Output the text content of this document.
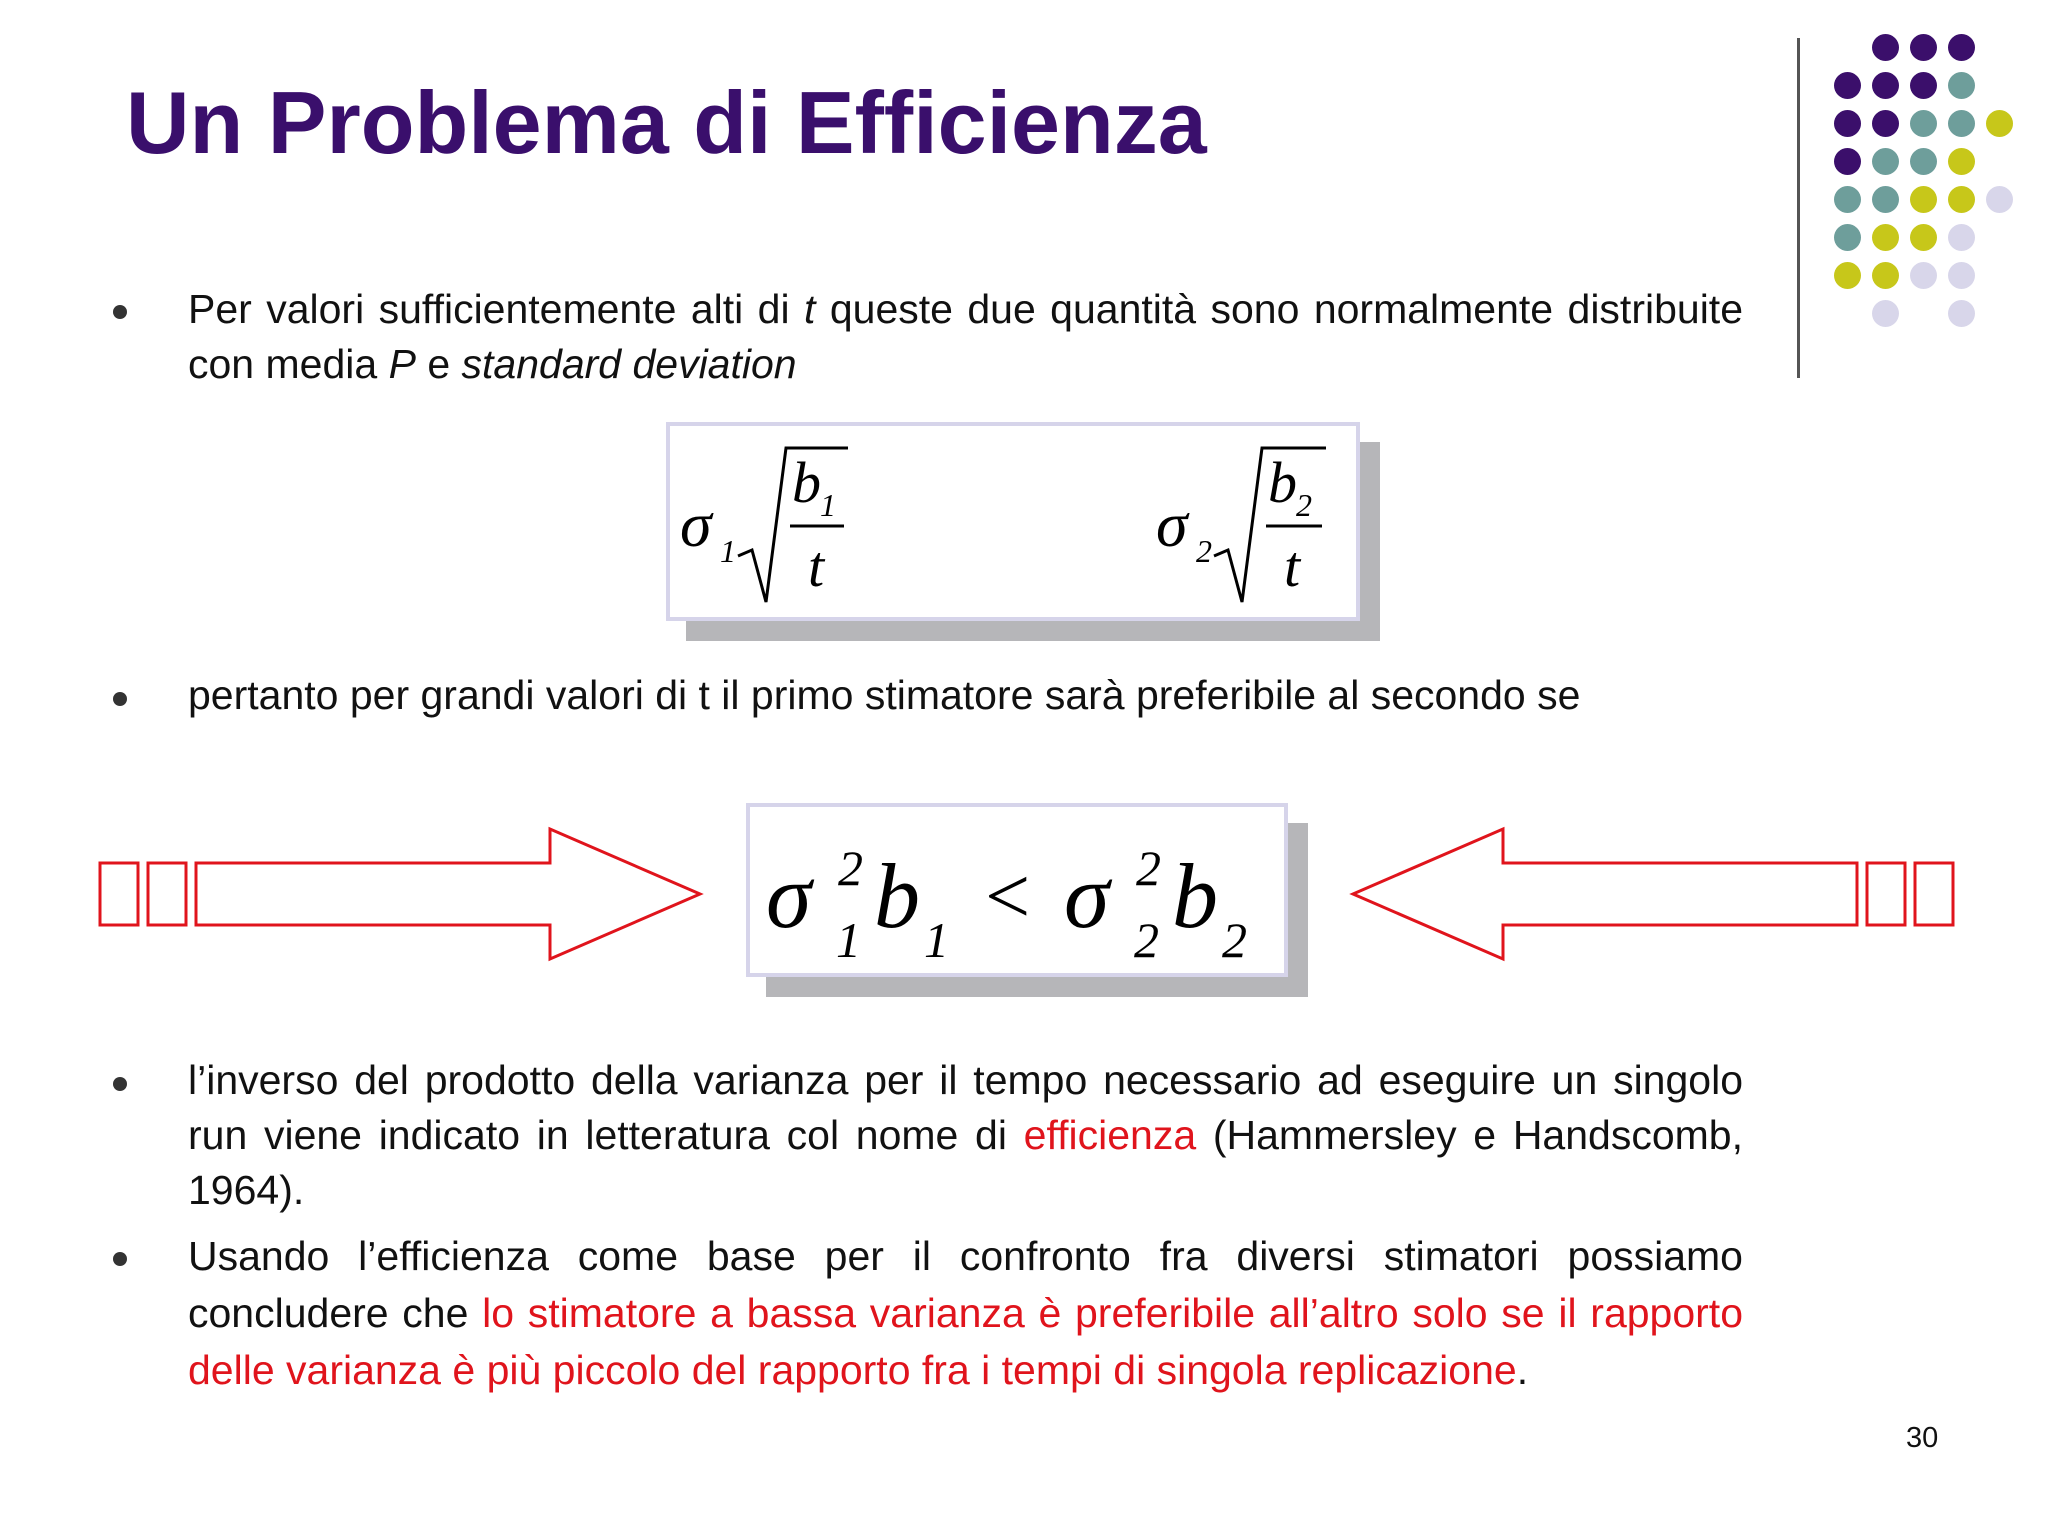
Un Problema di Efficienza
Per valori sufficientemente alti di t queste due quantità sono normalmente distribuite con media P e standard deviation
σ 1
b 1
t
σ 2
b 2
t
pertanto per grandi valori di t il primo stimatore sarà preferibile al secondo se
σ 2
1 b 1 < σ 2
2 b 2
l’inverso del prodotto della varianza per il tempo necessario ad eseguire un singolo run viene indicato in letteratura col nome di efficienza (Hammersley e Handscomb, 1964).
Usando l’efficienza come base per il confronto fra diversi stimatori possiamo concludere che lo stimatore a bassa varianza è preferibile all’altro solo se il rapporto delle varianza è più piccolo del rapporto fra i tempi di singola replicazione.
30
